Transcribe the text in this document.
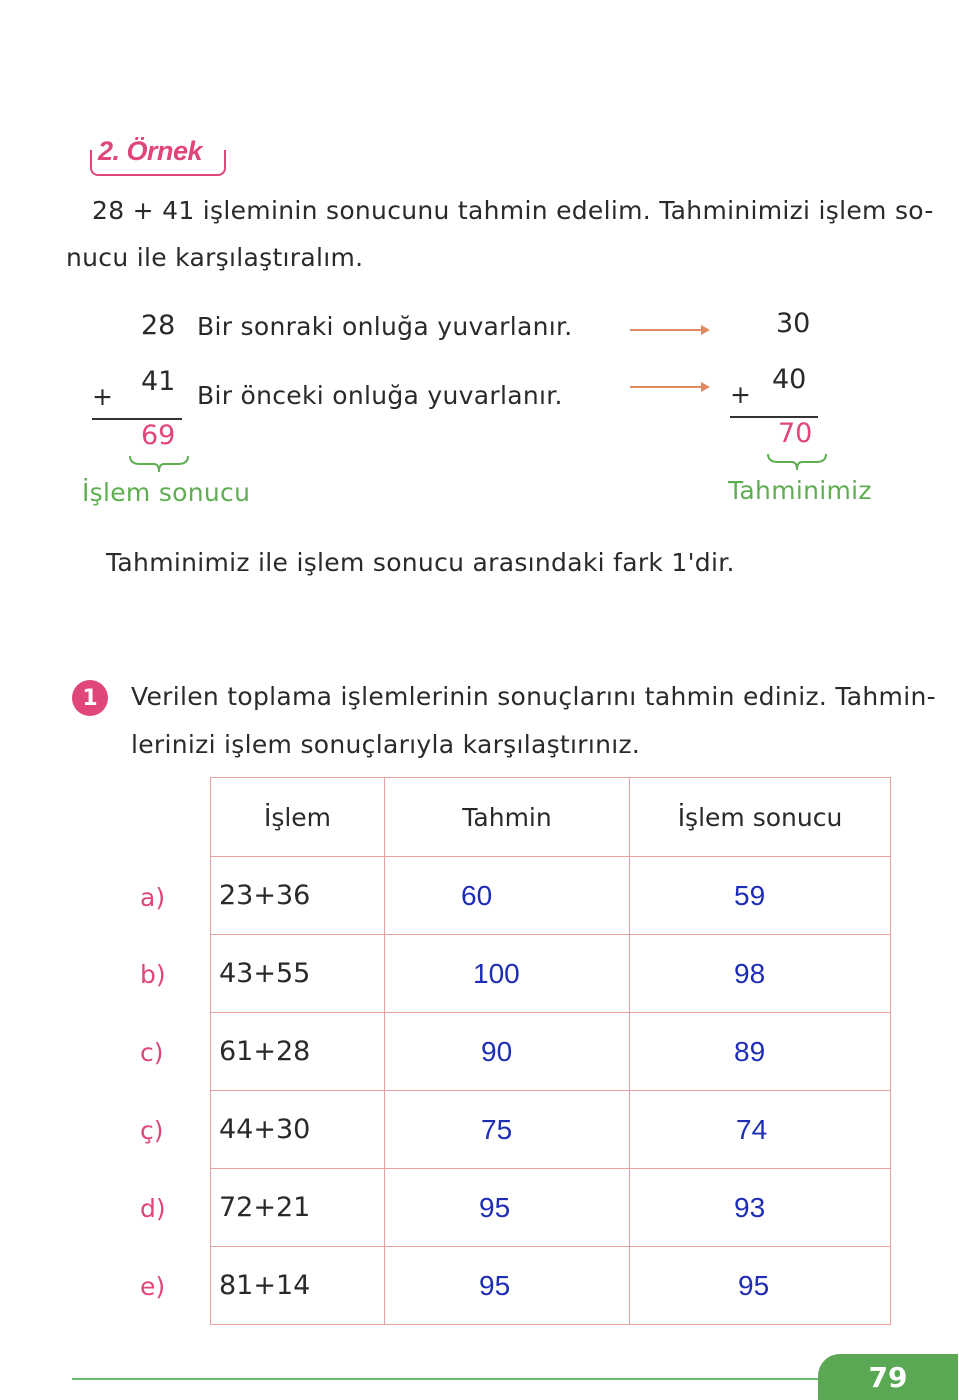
2. Örnek
28 + 41 işleminin sonucunu tahmin edelim. Tahminimizi işlem so-
nucu ile karşılaştıralım.
28 Bir sonraki onluğa yuvarlanır.	30
+ 41 Bir önceki onluğa yuvarlanır.	+ 40
69	70
İşlem sonucu	Tahminimiz
Tahminimiz ile işlem sonucu arasındaki fark 1'dir.
1	Verilen toplama işlemlerinin sonuçlarını tahmin ediniz. Tahmin-
lerinizi işlem sonuçlarıyla karşılaştırınız.
a)
b)
c)
ç)
d)
e)
İşlem	Tahmin	İşlem sonucu
23+36	60	59
43+55	100	98
61+28	90	89
44+30	75	74
72+21	95	93
81+14	95	95
79
